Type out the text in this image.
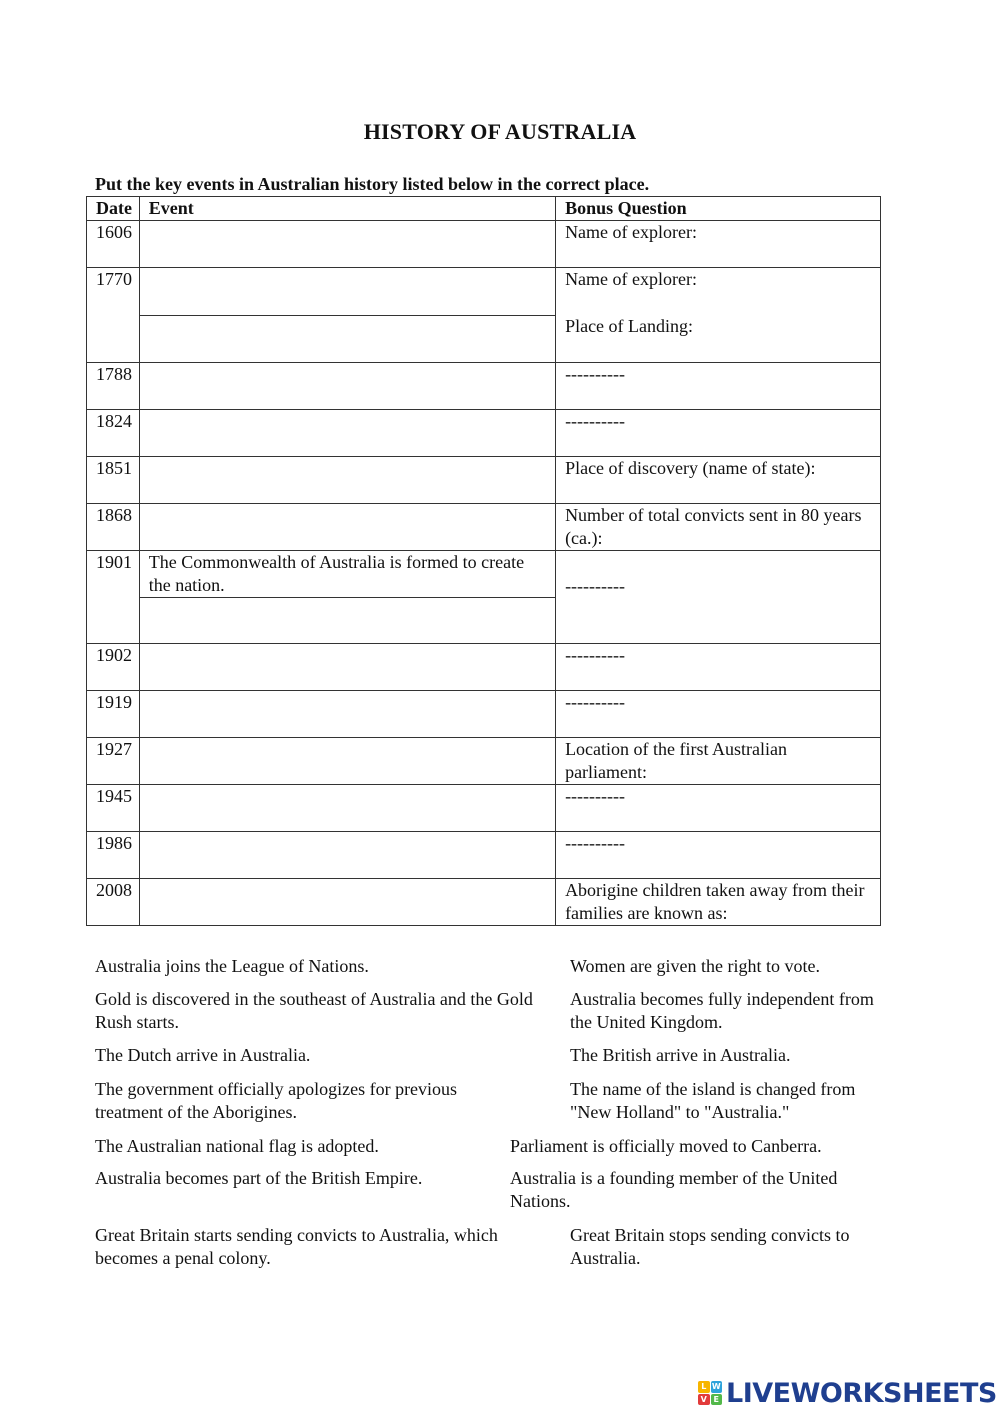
HISTORY OF AUSTRALIA
Put the key events in Australian history listed below in the correct place.
Date	Event	Bonus Question
1606		Name of explorer:
1770		Name of explorer:
Place of Landing:

1788		----------
1824		----------
1851		Place of discovery (name of state):
1868		Number of total convicts sent in 80 years (ca.):
1901	The Commonwealth of Australia is formed to create the nation.	----------

1902		----------
1919		----------
1927		Location of the first Australian parliament:
1945		----------
1986		----------
2008		Aborigine children taken away from their families are known as:
Australia joins the League of Nations.	Women are given the right to vote.
Gold is discovered in the southeast of Australia and the Gold Rush starts.
Australia becomes fully independent from the United Kingdom.
The Dutch arrive in Australia.	The British arrive in Australia.
The government officially apologizes for previous treatment of the Aborigines.
The name of the island is changed from "New Holland" to "Australia."
The Australian national flag is adopted.	Parliament is officially moved to Canberra.
Australia becomes part of the British Empire.	Australia is a founding member of the United Nations.
Great Britain starts sending convicts to Australia, which becomes a penal colony.
Great Britain stops sending convicts to Australia.
L W
V E LIVEWORKSHEETS
